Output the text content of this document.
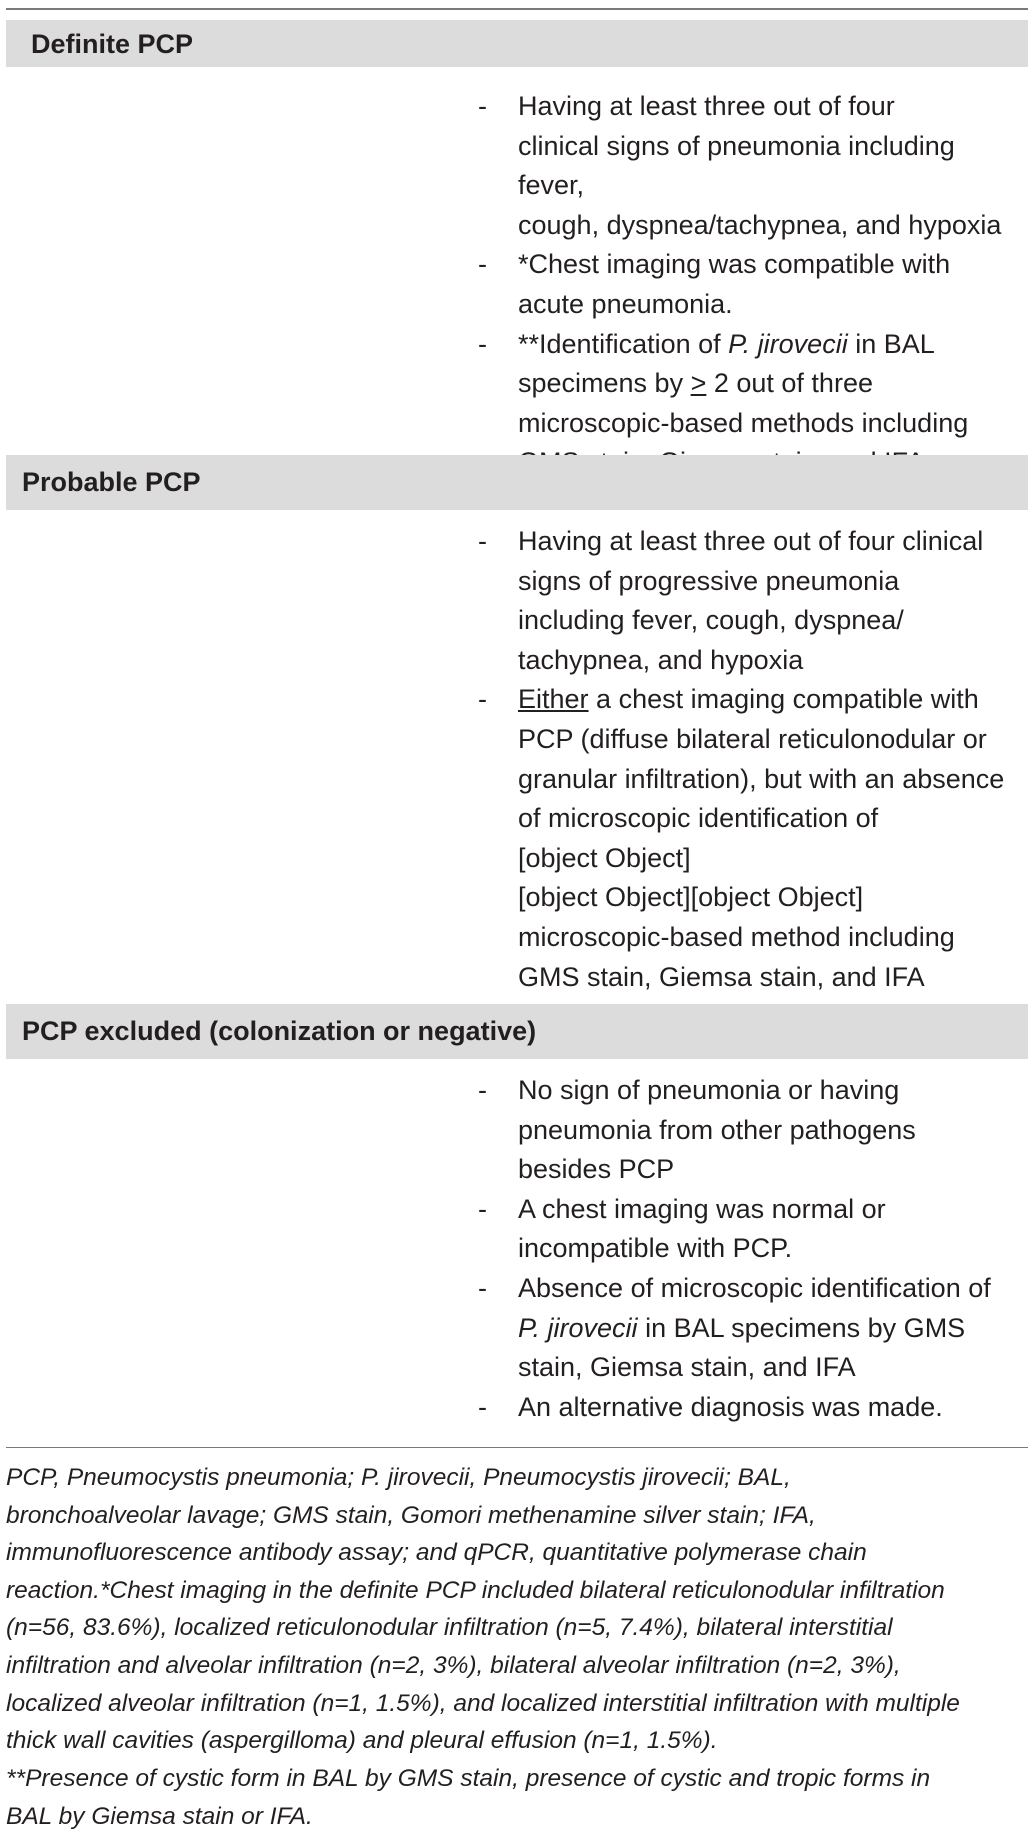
Definite PCP
- Having at least three out of four
clinical signs of pneumonia including fever,
cough, dyspnea/tachypnea, and hypoxia
- *Chest imaging was compatible with
acute pneumonia.
- **Identification of P. jirovecii in BAL
specimens by > 2 out of three
microscopic-based methods including

Probable PCP
- Having at least three out of four clinical
signs of progressive pneumonia
including fever, cough, dyspnea/
tachypnea, and hypoxia
- Either a chest imaging compatible with
PCP (diffuse bilateral reticulonodular or
granular infiltration), but with an absence
of microscopic identification of
[object Object]
[object Object][object Object]
microscopic-based method including
GMS stain, Giemsa stain, and IFA

PCP excluded (colonization or negative)
- No sign of pneumonia or having
pneumonia from other pathogens
besides PCP
- A chest imaging was normal or
incompatible with PCP.
- Absence of microscopic identification of
P. jirovecii in BAL specimens by GMS
stain, Giemsa stain, and IFA
- An alternative diagnosis was made.

PCP, Pneumocystis pneumonia; P. jirovecii, Pneumocystis jirovecii; BAL,
bronchoalveolar lavage; GMS stain, Gomori methenamine silver stain; IFA,
immunofluorescence antibody assay; and qPCR, quantitative polymerase chain
reaction.*Chest imaging in the definite PCP included bilateral reticulonodular infiltration
(n=56, 83.6%), localized reticulonodular infiltration (n=5, 7.4%), bilateral interstitial
infiltration and alveolar infiltration (n=2, 3%), bilateral alveolar infiltration (n=2, 3%),
localized alveolar infiltration (n=1, 1.5%), and localized interstitial infiltration with multiple
thick wall cavities (aspergilloma) and pleural effusion (n=1, 1.5%).

**Presence of cystic form in BAL by GMS stain, presence of cystic and tropic forms in
BAL by Giemsa stain or IFA.
